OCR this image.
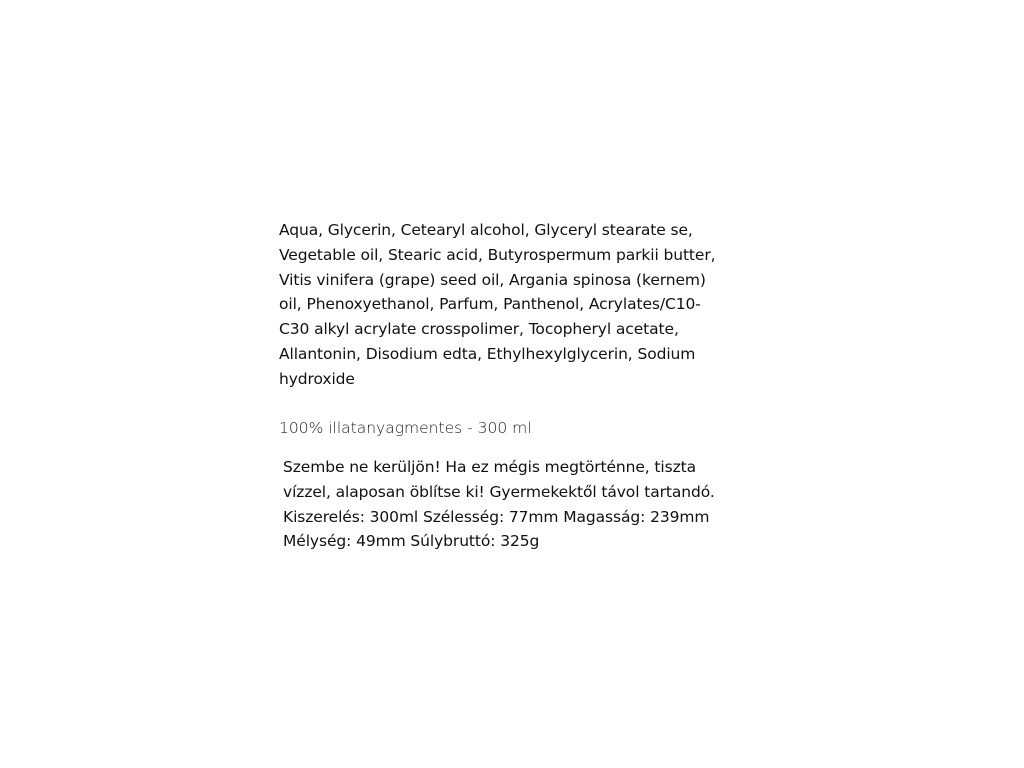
Aqua, Glycerin, Cetearyl alcohol, Glyceryl stearate se,
Vegetable oil, Stearic acid, Butyrospermum parkii butter,
Vitis vinifera (grape) seed oil, Argania spinosa (kernem)
oil, Phenoxyethanol, Parfum, Panthenol, Acrylates/C10-
C30 alkyl acrylate crosspolimer, Tocopheryl acetate,
Allantonin, Disodium edta, Ethylhexylglycerin, Sodium
hydroxide

100% illatanyagmentes - 300 ml

Szembe ne kerüljön! Ha ez mégis megtörténne, tiszta
vízzel, alaposan öblítse ki! Gyermekektől távol tartandó.
Kiszerelés: 300ml Szélesség: 77mm Magasság: 239mm
Mélység: 49mm Súlybruttó: 325g
